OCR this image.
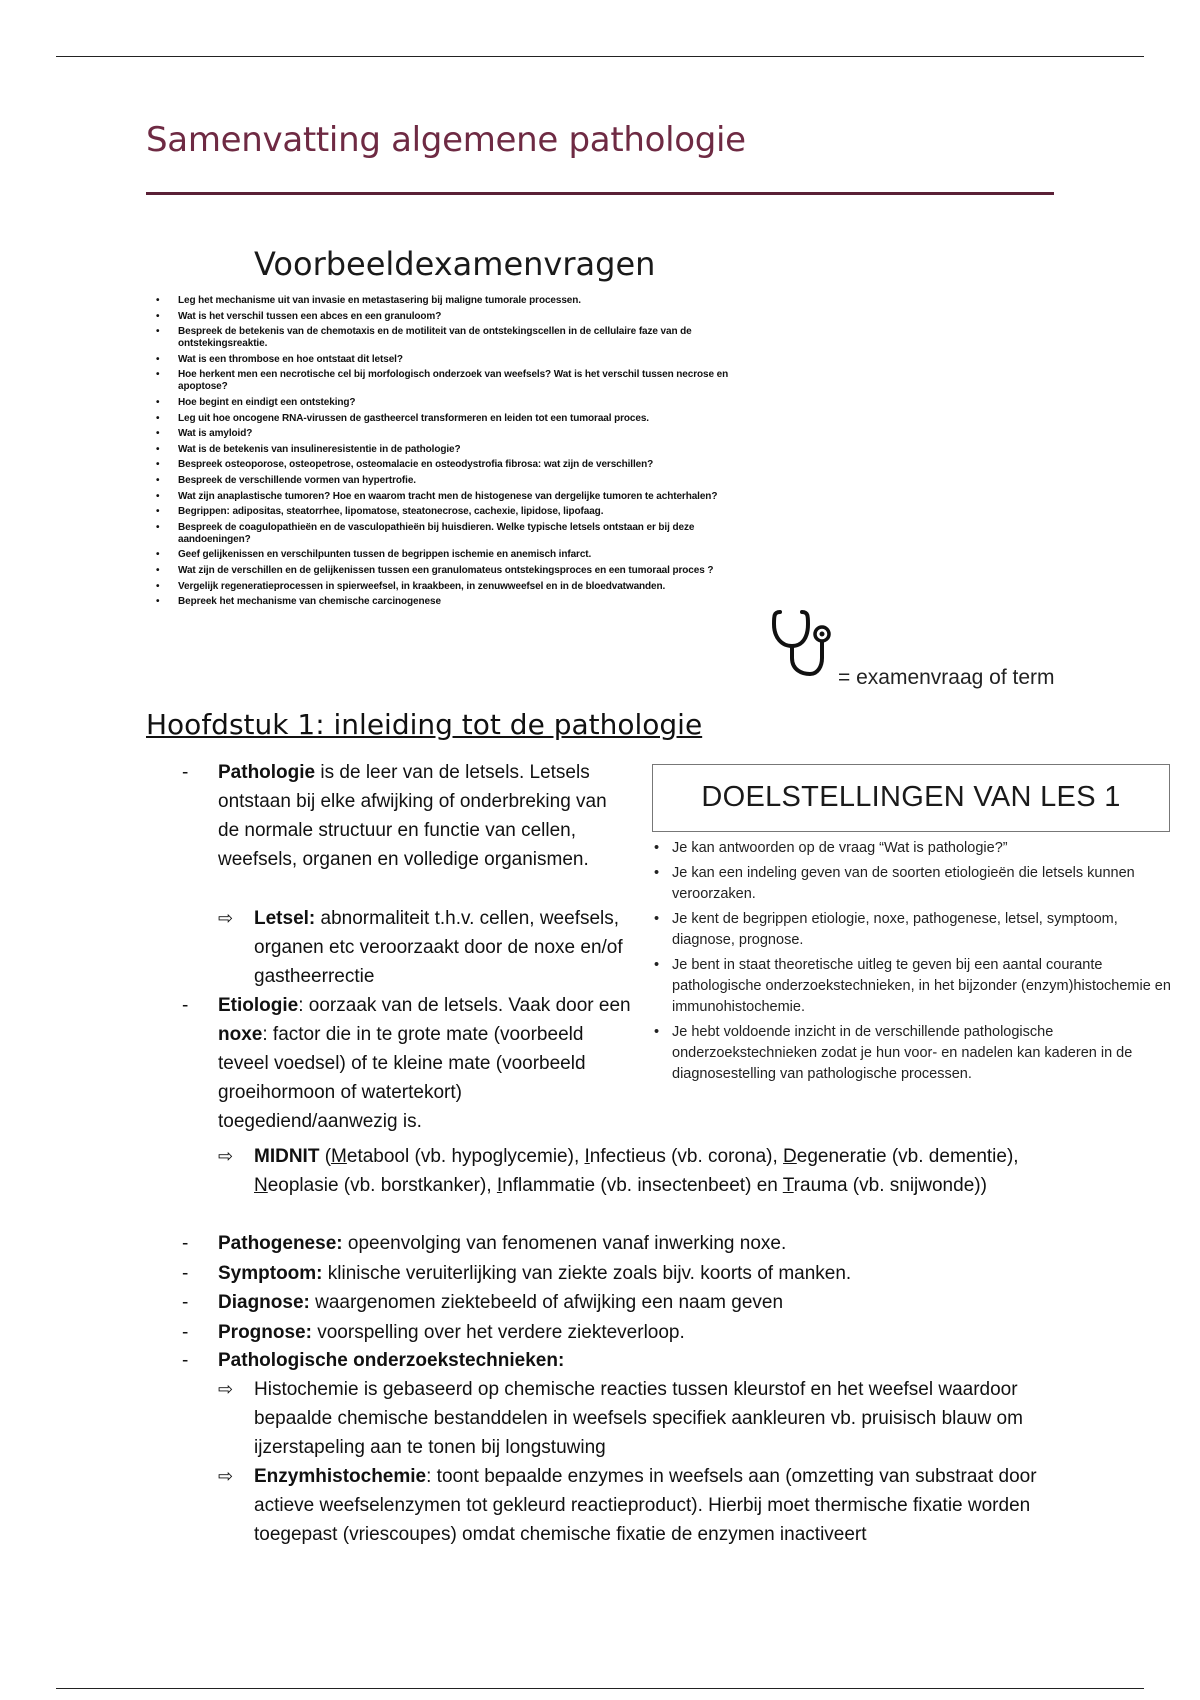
Samenvatting algemene pathologie
Voorbeeldexamenvragen
• Leg het mechanisme uit van invasie en metastasering bij maligne tumorale processen.
• Wat is het verschil tussen een abces en een granuloom?
• Bespreek de betekenis van de chemotaxis en de motiliteit van de ontstekingscellen in de cellulaire faze van de ontstekingsreaktie.
• Wat is een thrombose en hoe ontstaat dit letsel?
• Hoe herkent men een necrotische cel bij morfologisch onderzoek van weefsels? Wat is het verschil tussen necrose en apoptose?
• Hoe begint en eindigt een ontsteking?
• Leg uit hoe oncogene RNA-virussen de gastheercel transformeren en leiden tot een tumoraal proces.
• Wat is amyloid?
• Wat is de betekenis van insulineresistentie in de pathologie?
• Bespreek osteoporose, osteopetrose, osteomalacie en osteodystrofia fibrosa: wat zijn de verschillen?
• Bespreek de verschillende vormen van hypertrofie.
• Wat zijn anaplastische tumoren? Hoe en waarom tracht men de histogenese van dergelijke tumoren te achterhalen?
• Begrippen: adipositas, steatorrhee, lipomatose, steatonecrose, cachexie, lipidose, lipofaag.
• Bespreek de coagulopathieën en de vasculopathieën bij huisdieren. Welke typische letsels ontstaan er bij deze aandoeningen?
• Geef gelijkenissen en verschilpunten tussen de begrippen ischemie en anemisch infarct.
• Wat zijn de verschillen en de gelijkenissen tussen een granulomateus ontstekingsproces en een tumoraal proces ?
• Vergelijk regeneratieprocessen in spierweefsel, in kraakbeen, in zenuwweefsel en in de bloedvatwanden.
• Bepreek het mechanisme van chemische carcinogenese
= examenvraag of term
Hoofdstuk 1: inleiding tot de pathologie
DOELSTELLINGEN VAN LES 1
• Je kan antwoorden op de vraag “Wat is pathologie?”
• Je kan een indeling geven van de soorten etiologieën die letsels kunnen veroorzaken.
• Je kent de begrippen etiologie, noxe, pathogenese, letsel, symptoom, diagnose, prognose.
• Je bent in staat theoretische uitleg te geven bij een aantal courante pathologische onderzoekstechnieken, in het bijzonder (enzym)histochemie en immunohistochemie.
• Je hebt voldoende inzicht in de verschillende pathologische onderzoekstechnieken zodat je hun voor- en nadelen kan kaderen in de diagnosestelling van pathologische processen.
- Pathologie is de leer van de letsels. Letsels ontstaan bij elke afwijking of onderbreking van de normale structuur en functie van cellen, weefsels, organen en volledige organismen.
⇨ Letsel: abnormaliteit t.h.v. cellen, weefsels, organen etc veroorzaakt door de noxe en/of gastheerrectie
- Etiologie: oorzaak van de letsels. Vaak door een noxe: factor die in te grote mate (voorbeeld teveel voedsel) of te kleine mate (voorbeeld groeihormoon of watertekort) toegediend/aanwezig is.
⇨ MIDNIT (Metabool (vb. hypoglycemie), Infectieus (vb. corona), Degeneratie (vb. dementie), Neoplasie (vb. borstkanker), Inflammatie (vb. insectenbeet) en Trauma (vb. snijwonde))
- Pathogenese: opeenvolging van fenomenen vanaf inwerking noxe.
- Symptoom: klinische veruiterlijking van ziekte zoals bijv. koorts of manken.
- Diagnose: waargenomen ziektebeeld of afwijking een naam geven
- Prognose: voorspelling over het verdere ziekteverloop.
- Pathologische onderzoekstechnieken:
⇨ Histochemie is gebaseerd op chemische reacties tussen kleurstof en het weefsel waardoor bepaalde chemische bestanddelen in weefsels specifiek aankleuren vb. pruisisch blauw om ijzerstapeling aan te tonen bij longstuwing
⇨ Enzymhistochemie: toont bepaalde enzymes in weefsels aan (omzetting van substraat door actieve weefselenzymen tot gekleurd reactieproduct). Hierbij moet thermische fixatie worden toegepast (vriescoupes) omdat chemische fixatie de enzymen inactiveert
